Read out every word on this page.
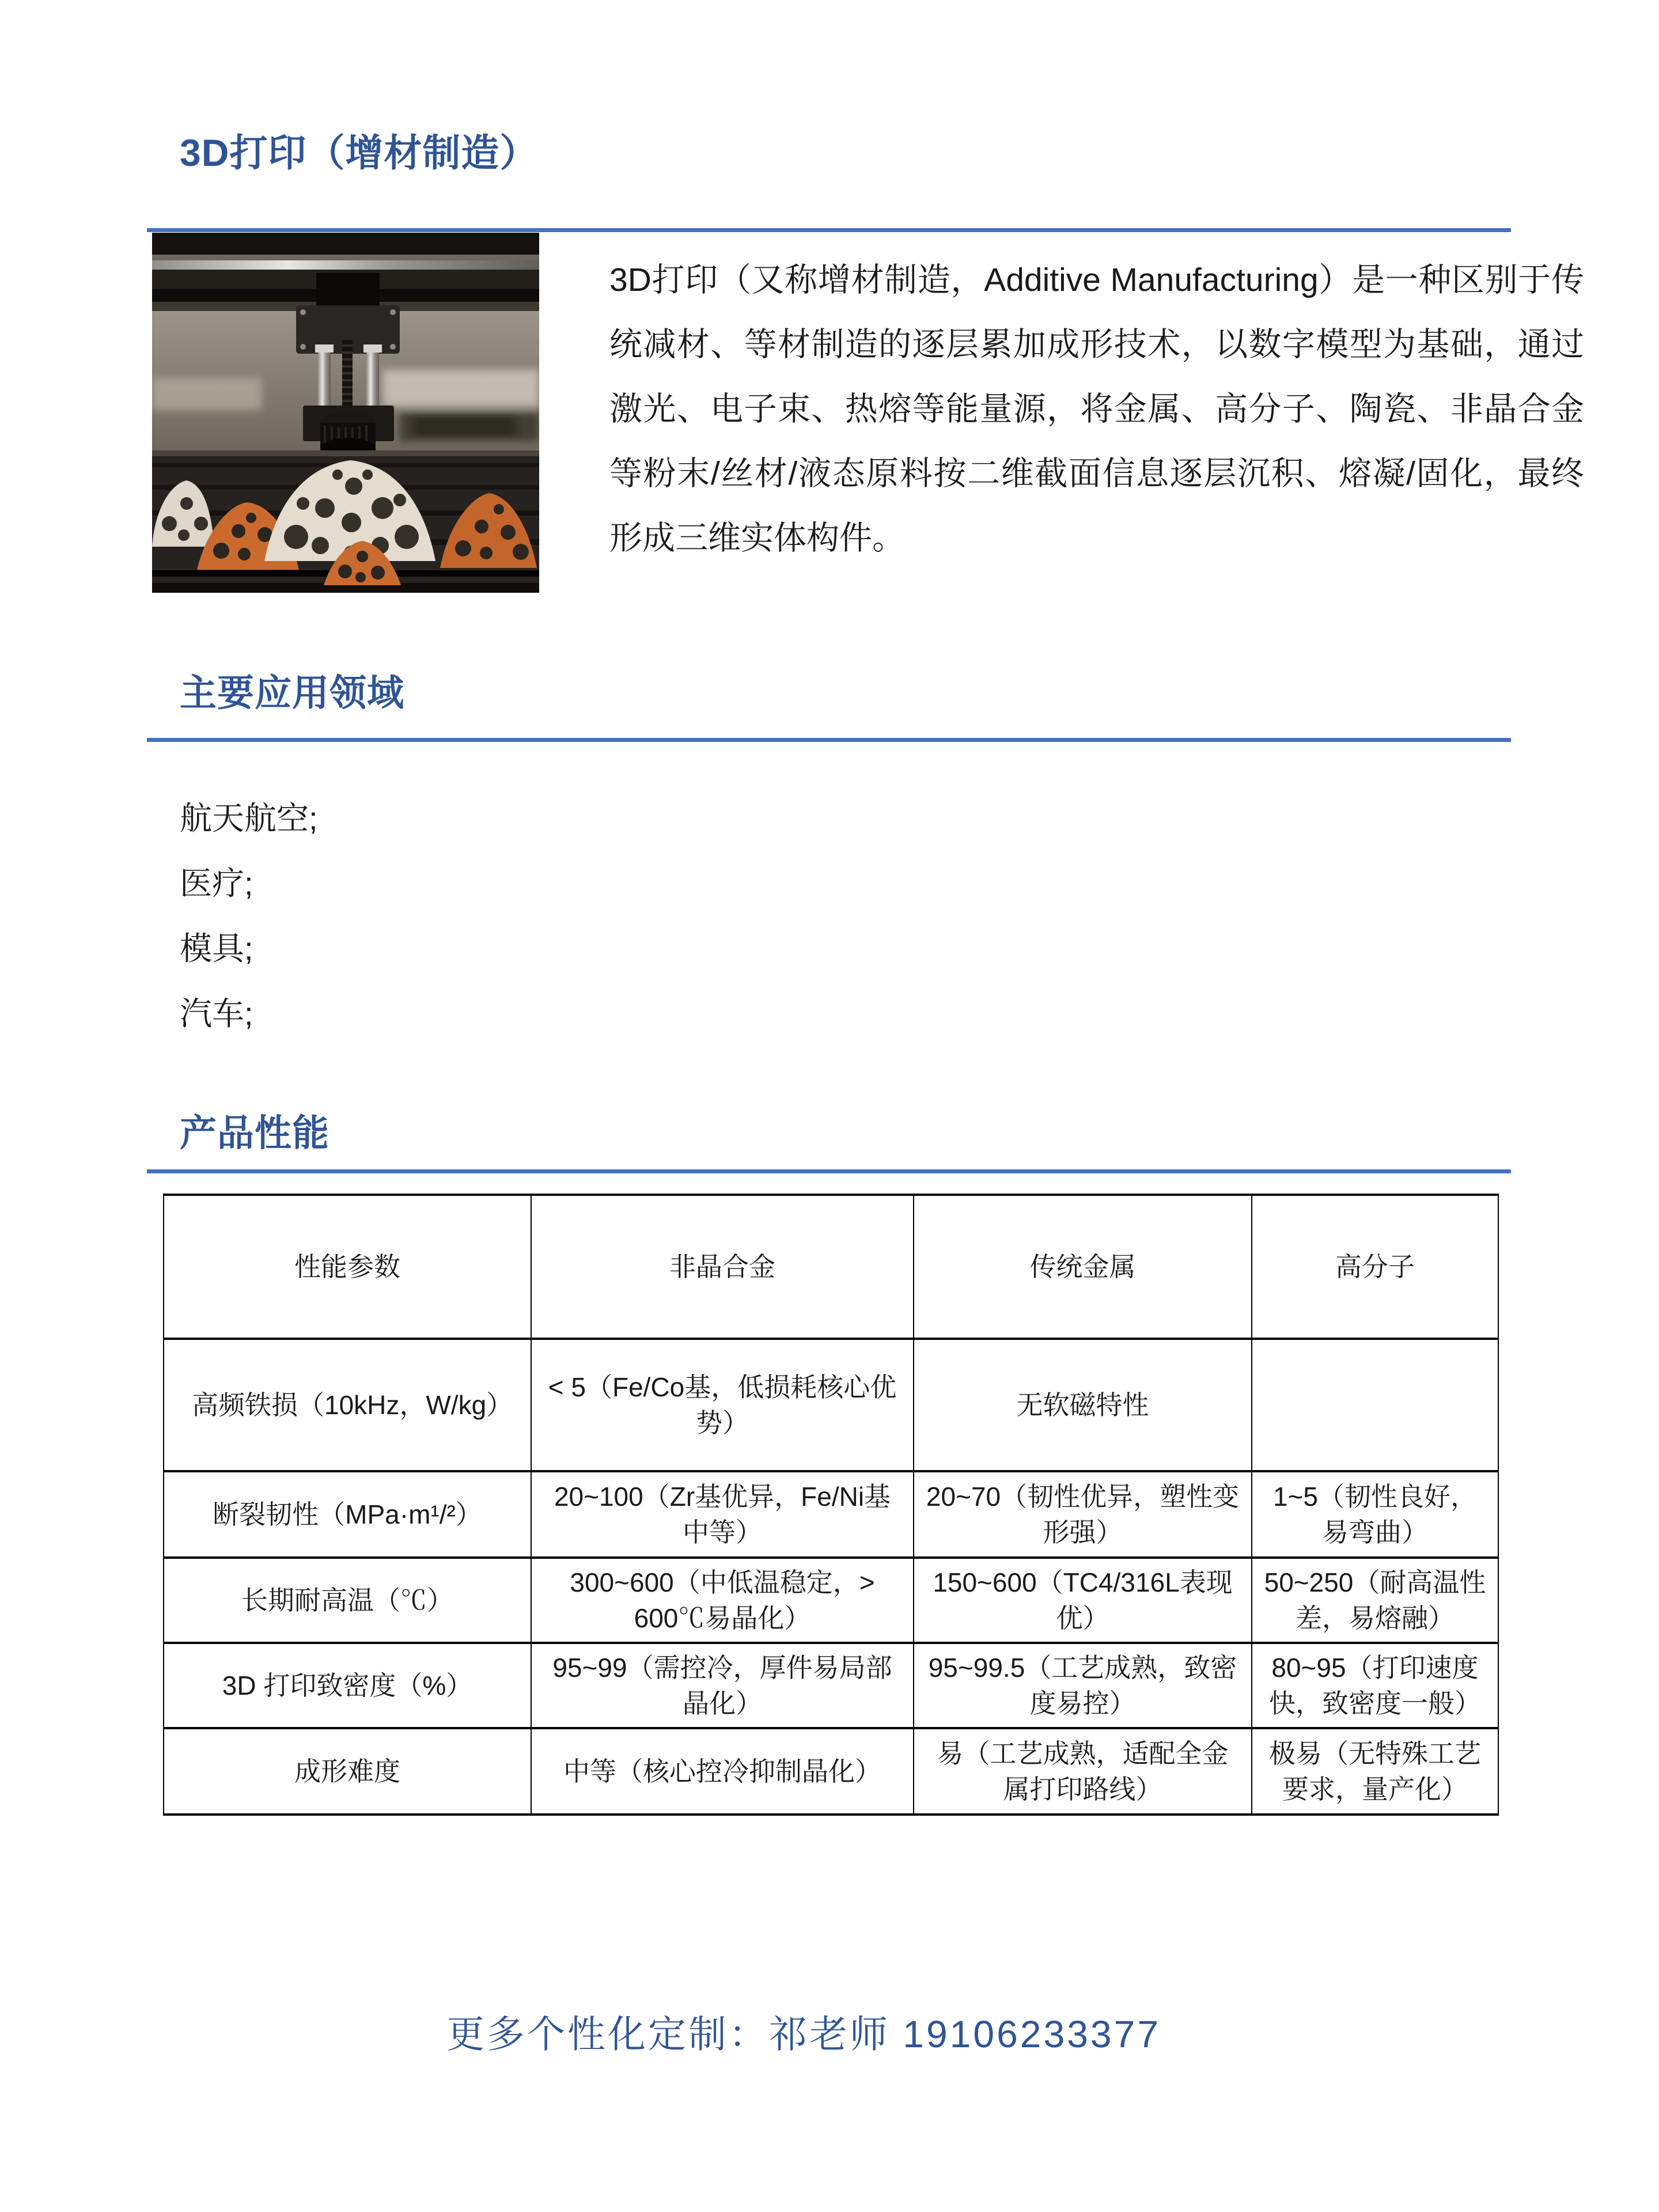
3D打印（增材制造）

3D打印（又称增材制造，Additive Manufacturing）是一种区别于传统减材、等材制造的逐层累加成形技术，以数字模型为基础，通过激光、电子束、热熔等能量源，将金属、高分子、陶瓷、非晶合金等粉末/丝材/液态原料按二维截面信息逐层沉积、熔凝/固化，最终形成三维实体构件。

主要应用领域
航天航空;
医疗;
模具;
汽车;
产品性能
性能参数	非晶合金	传统金属	高分子
高频铁损（10kHz，W/kg）	< 5（Fe/Co基，低损耗核心优势）	无软磁特性	
断裂韧性（MPa·m¹/²）	20~100（Zr基优异，Fe/Ni基中等）	20~70（韧性优异，塑性变形强）	1~5（韧性良好，易弯曲）
长期耐高温（℃）	300~600（中低温稳定，> 600℃易晶化）	150~600（TC4/316L表现优）	50~250（耐高温性差，易熔融）
3D 打印致密度（%）	95~99（需控冷，厚件易局部晶化）	95~99.5（工艺成熟，致密度易控）	80~95（打印速度快，致密度一般）
成形难度	中等（核心控冷抑制晶化）	易（工艺成熟，适配全金属打印路线）	极易（无特殊工艺要求，量产化）

更多个性化定制：祁老师 19106233377
